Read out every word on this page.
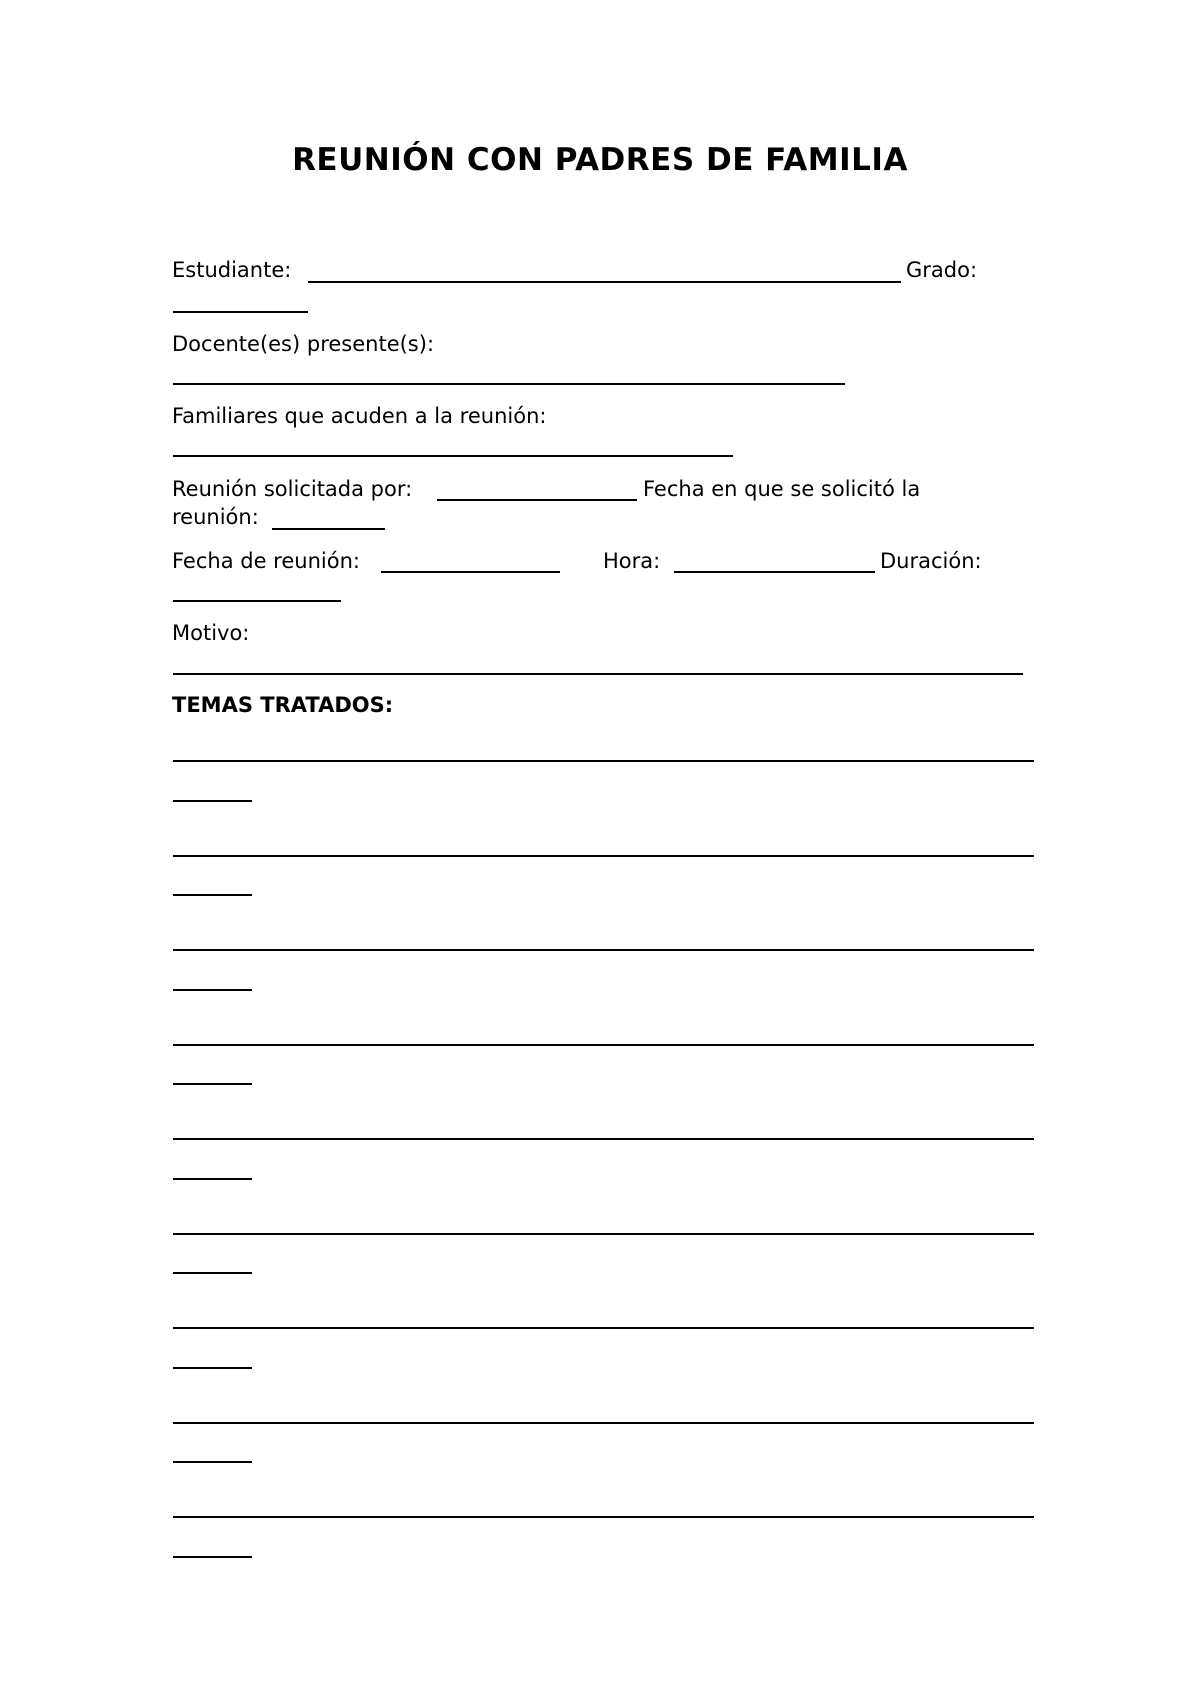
REUNIÓN CON PADRES DE FAMILIA
Estudiante:	Grado:
Docente(es) presente(s):
Familiares que acuden a la reunión:
Reunión solicitada por:	Fecha en que se solicitó la
reunión:
Fecha de reunión:	Hora:	Duración:
Motivo:
TEMAS TRATADOS:
